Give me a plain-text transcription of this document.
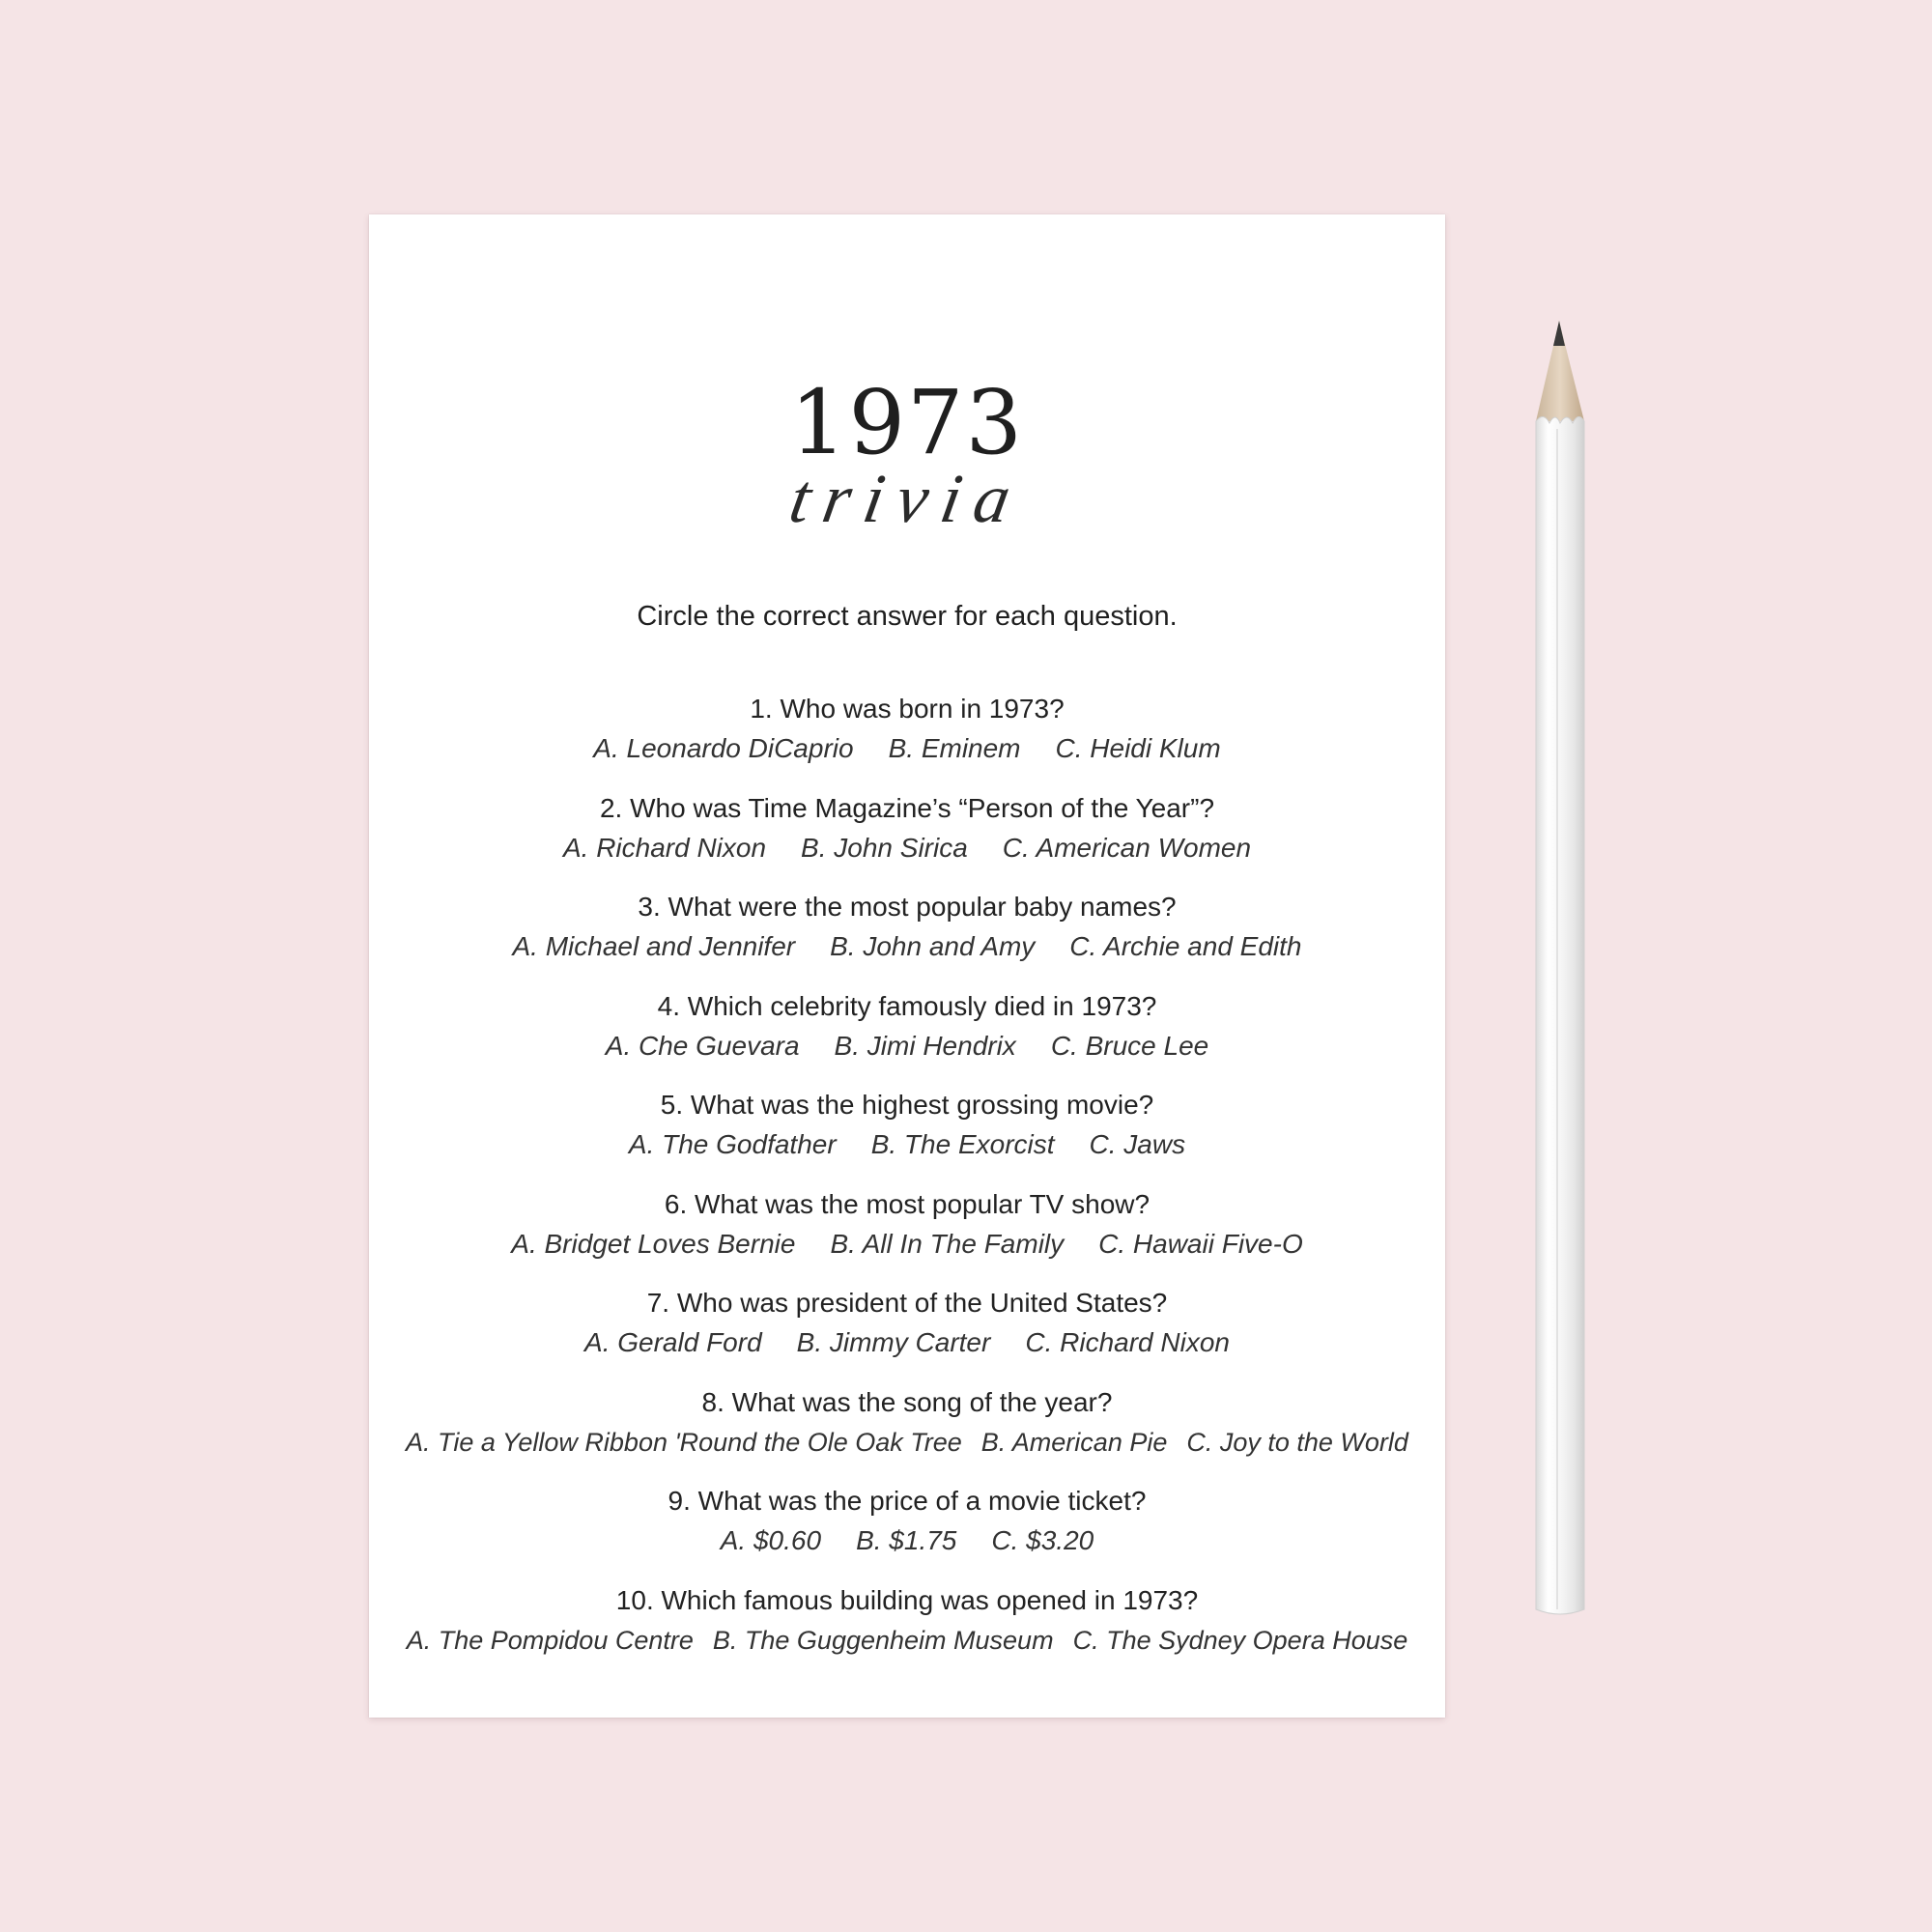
1973
trivia
Circle the correct answer for each question.
1. Who was born in 1973?
A. Leonardo DiCaprio B. Eminem C. Heidi Klum
2. Who was Time Magazine’s “Person of the Year”?
A. Richard Nixon B. John Sirica C. American Women
3. What were the most popular baby names?
A. Michael and Jennifer B. John and Amy C. Archie and Edith
4. Which celebrity famously died in 1973?
A. Che Guevara B. Jimi Hendrix C. Bruce Lee
5. What was the highest grossing movie?
A. The Godfather B. The Exorcist C. Jaws
6. What was the most popular TV show?
A. Bridget Loves Bernie B. All In The Family C. Hawaii Five-O
7. Who was president of the United States?
A. Gerald Ford B. Jimmy Carter C. Richard Nixon
8. What was the song of the year?
A. Tie a Yellow Ribbon 'Round the Ole Oak Tree B. American Pie C. Joy to the World
9. What was the price of a movie ticket?
A. $0.60 B. $1.75 C. $3.20
10. Which famous building was opened in 1973?
A. The Pompidou Centre B. The Guggenheim Museum C. The Sydney Opera House
